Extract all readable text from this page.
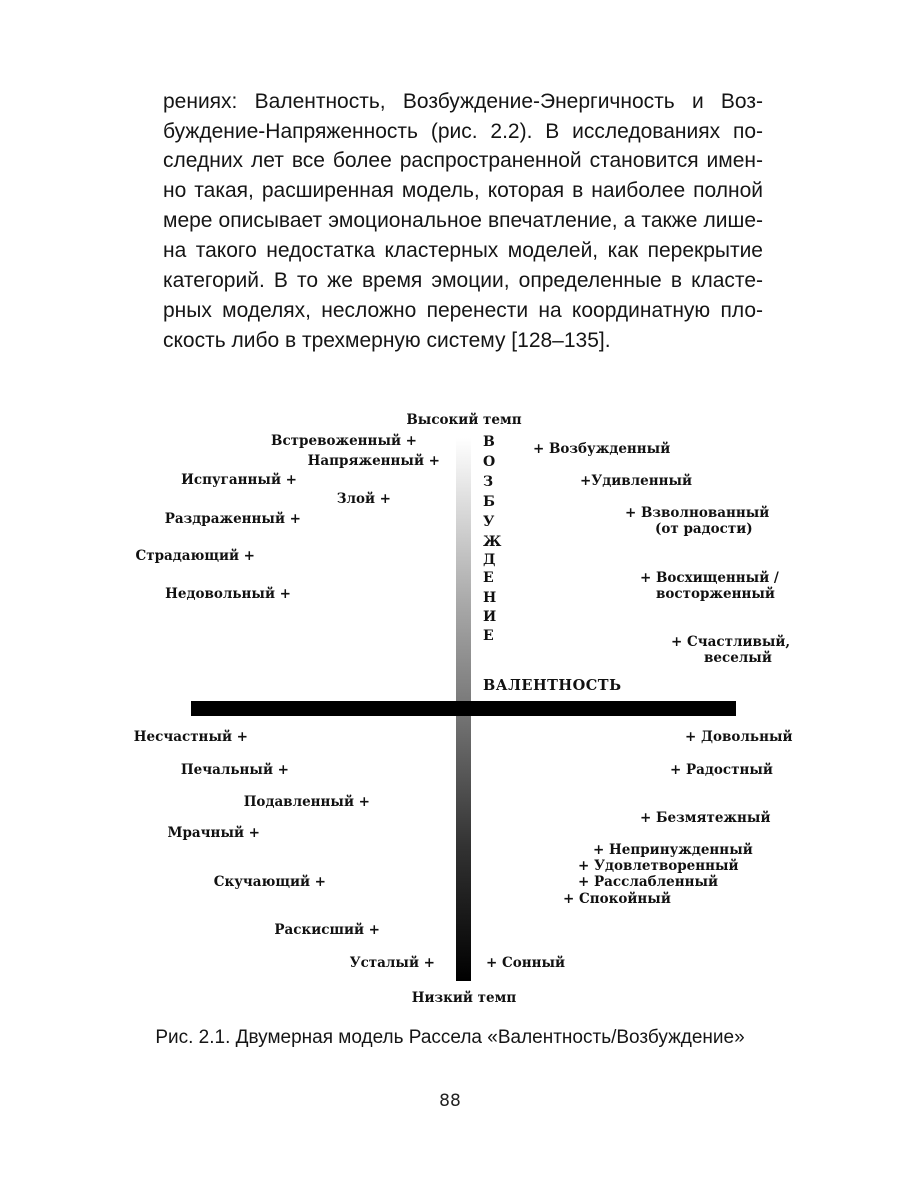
рениях: Валентность, Возбуждение-Энергичность и Воз-
буждение-Напряженность (рис. 2.2). В исследованиях по-
следних лет все более распространенной становится имен-
но такая, расширенная модель, которая в наиболее полной
мере описывает эмоциональное впечатление, а также лише-
на такого недостатка кластерных моделей, как перекрытие
категорий. В то же время эмоции, определенные в класте-
рных моделях, несложно перенести на координатную пло-
скость либо в трехмерную систему [128–135].
Высокий темп
В
О
З
Б
У
Ж
Д
Е
Н
И
Е
ВАЛЕНТНОСТЬ
Встревоженный +
Напряженный +
Испуганный +
Злой +
Раздраженный +
Страдающий +
Недовольный +
+ Возбужденный
+Удивленный
+ Взволнованный
(от радости)
+ Восхищенный /
восторженный
+ Счастливый,
веселый
Несчастный +
Печальный +
Подавленный +
Мрачный +
Скучающий +
Раскисший +
Усталый +
+ Довольный
+ Радостный
+ Безмятежный
+ Непринужденный
+ Удовлетворенный
+ Расслабленный
+ Спокойный
+ Сонный
Низкий темп
Рис. 2.1. Двумерная модель Рассела «Валентность/Возбуждение»
88
